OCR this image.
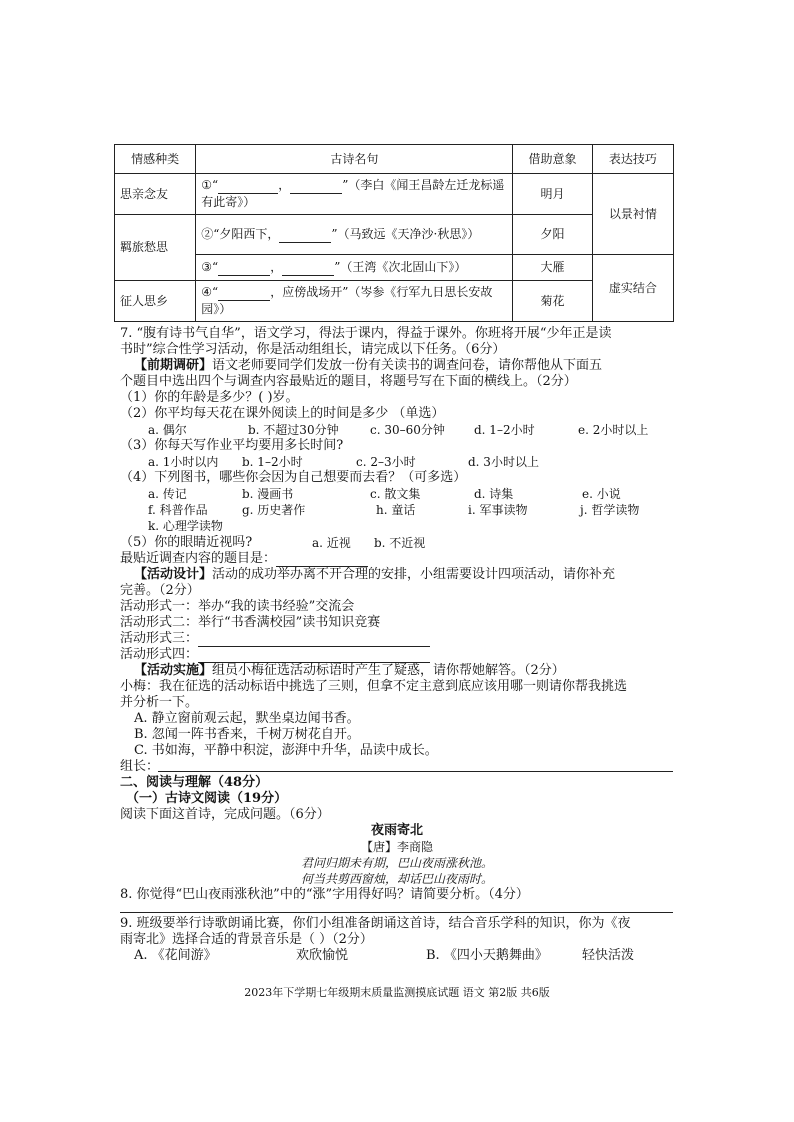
情感种类	古诗名句	借助意象	表达技巧
思亲念友	①“ ， ”（李白《闻王昌龄左迁龙标遥有此寄》）	明月	以景衬情
羁旅愁思	②“夕阳西下， ”（马致远《天净沙·秋思》）	夕阳	
	③“ ， ”（王湾《次北固山下》）	大雁	虚实结合
征人思乡	④“ ，应傍战场开”（岑参《行军九日思长安故园》）	菊花	
7. “腹有诗书气自华”，语文学习，得法于课内，得益于课外。你班将开展“少年正是读
书时”综合性学习活动，你是活动组组长，请完成以下任务。（6分）
【前期调研】语文老师要同学们发放一份有关读书的调查问卷，请你帮他从下面五
个题目中选出四个与调查内容最贴近的题目，将题号写在下面的横线上。（2分）
（1）你的年龄是多少？( )岁。
（2）你平均每天花在课外阅读上的时间是多少 （单选）
a. 偶尔	b. 不超过30分钟	c. 30–60分钟 d. 1–2小时	e. 2小时以上
（3）你每天写作业平均要用多长时间?
a. 1小时以内 b. 1–2小时	c. 2–3小时	d. 3小时以上
（4）下列图书，哪些你会因为自己想要而去看？（可多选）
a. 传记	b. 漫画书	c. 散文集	d. 诗集	e. 小说
f. 科普作品	g. 历史著作	h. 童话	i. 军事读物	j. 哲学读物
k. 心理学读物
（5）你的眼睛近视吗?	a. 近视 b. 不近视
最贴近调查内容的题目是：
【活动设计】活动的成功举办离不开合理的安排，小组需要设计四项活动，请你补充
完善。（2分）
活动形式一：举办“我的读书经验”交流会
活动形式二：举行“书香满校园”读书知识竞赛
活动形式三：
活动形式四：
【活动实施】组员小梅征选活动标语时产生了疑惑，请你帮她解答。（2分）
小梅：我在征选的活动标语中挑选了三则，但拿不定主意到底应该用哪一则请你帮我挑选
并分析一下。
A. 静立窗前观云起，默坐桌边闻书香。
B. 忽闻一阵书香来，千树万树花自开。
C. 书如海，平静中积淀，澎湃中升华，品读中成长。
组长：
二、阅读与理解（48分）
（一）古诗文阅读（19分）
阅读下面这首诗，完成问题。（6分）
夜雨寄北
【唐】李商隐
君问归期未有期，巴山夜雨涨秋池。
何当共剪西窗烛，却话巴山夜雨时。
8. 你觉得“巴山夜雨涨秋池”中的“涨”字用得好吗？请简要分析。（4分）
9. 班级要举行诗歌朗诵比赛，你们小组准备朗诵这首诗，结合音乐学科的知识，你为《夜
雨寄北》选择合适的背景音乐是（ ）（2分）
A. 《花间游》	欢欣愉悦	B. 《四小天鹅舞曲》	轻快活泼
2023年下学期七年级期末质量监测摸底试题 语文 第2版 共6版
